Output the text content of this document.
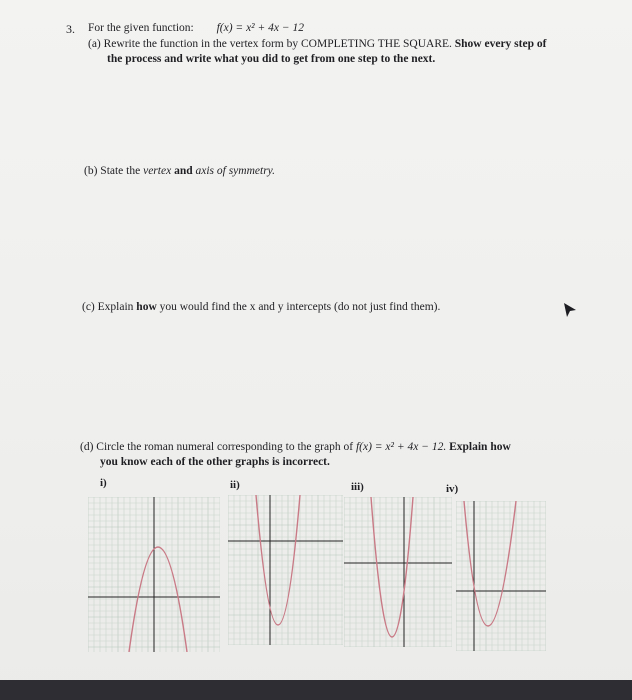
3. For the given function: f(x) = x² + 4x − 12
(a) Rewrite the function in the vertex form by COMPLETING THE SQUARE. Show every step of
the process and write what you did to get from one step to the next.
(b) State the vertex and axis of symmetry.
(c) Explain how you would find the x and y intercepts (do not just find them).
(d) Circle the roman numeral corresponding to the graph of f(x) = x² + 4x − 12. Explain how
you know each of the other graphs is incorrect.
i)	ii)	iii)	iv)
